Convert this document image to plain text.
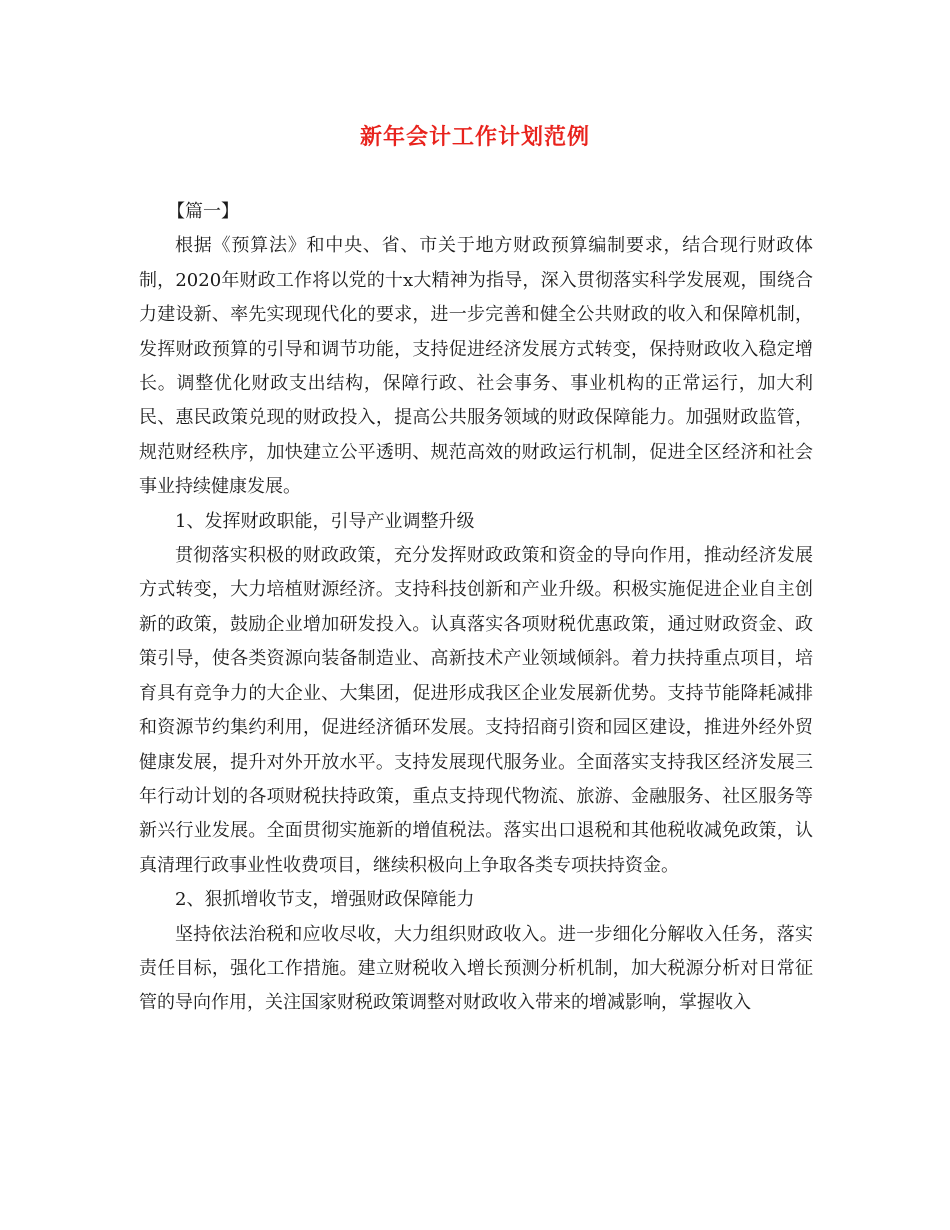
新年会计工作计划范例

【篇一】

根据《预算法》和中央、省、市关于地方财政预算编制要求，结合现行财政体制，2020年财政工作将以党的十x大精神为指导，深入贯彻落实科学发展观，围绕合力建设新、率先实现现代化的要求，进一步完善和健全公共财政的收入和保障机制，发挥财政预算的引导和调节功能，支持促进经济发展方式转变，保持财政收入稳定增长。调整优化财政支出结构，保障行政、社会事务、事业机构的正常运行，加大利民、惠民政策兑现的财政投入，提高公共服务领域的财政保障能力。加强财政监管，规范财经秩序，加快建立公平透明、规范高效的财政运行机制，促进全区经济和社会事业持续健康发展。

1、发挥财政职能，引导产业调整升级

贯彻落实积极的财政政策，充分发挥财政政策和资金的导向作用，推动经济发展方式转变，大力培植财源经济。支持科技创新和产业升级。积极实施促进企业自主创新的政策，鼓励企业增加研发投入。认真落实各项财税优惠政策，通过财政资金、政策引导，使各类资源向装备制造业、高新技术产业领域倾斜。着力扶持重点项目，培育具有竞争力的大企业、大集团，促进形成我区企业发展新优势。支持节能降耗减排和资源节约集约利用，促进经济循环发展。支持招商引资和园区建设，推进外经外贸健康发展，提升对外开放水平。支持发展现代服务业。全面落实支持我区经济发展三年行动计划的各项财税扶持政策，重点支持现代物流、旅游、金融服务、社区服务等新兴行业发展。全面贯彻实施新的增值税法。落实出口退税和其他税收减免政策，认真清理行政事业性收费项目，继续积极向上争取各类专项扶持资金。

2、狠抓增收节支，增强财政保障能力

坚持依法治税和应收尽收，大力组织财政收入。进一步细化分解收入任务，落实责任目标，强化工作措施。建立财税收入增长预测分析机制，加大税源分析对日常征管的导向作用，关注国家财税政策调整对财政收入带来的增减影响，掌握收入
